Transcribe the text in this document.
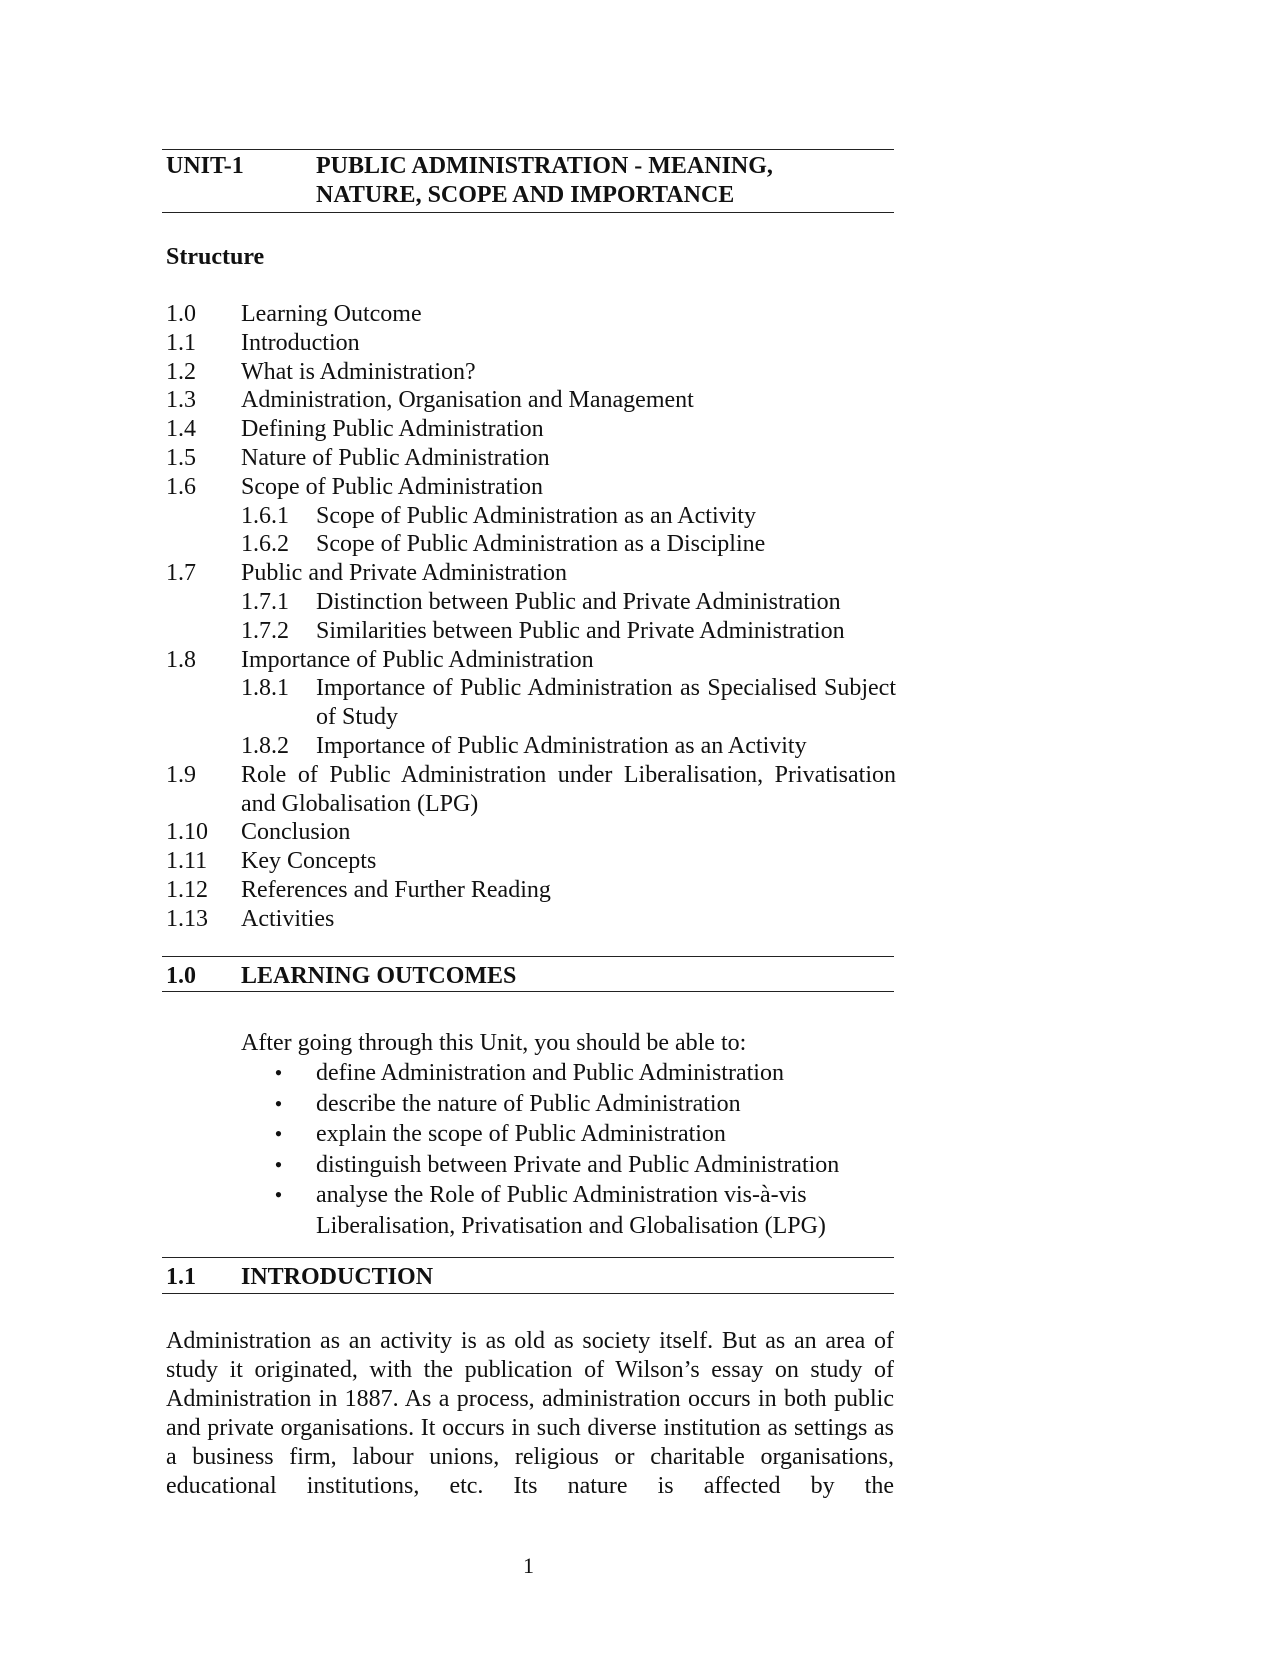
UNIT-1	PUBLIC ADMINISTRATION - MEANING,
NATURE, SCOPE AND IMPORTANCE
Structure
1.0	Learning Outcome
1.1	Introduction
1.2	What is Administration?
1.3	Administration, Organisation and Management
1.4	Defining Public Administration
1.5	Nature of Public Administration
1.6	Scope of Public Administration
1.6.1	Scope of Public Administration as an Activity
1.6.2	Scope of Public Administration as a Discipline
1.7	Public and Private Administration
1.7.1	Distinction between Public and Private Administration
1.7.2	Similarities between Public and Private Administration
1.8	Importance of Public Administration
1.8.1	Importance of Public Administration as Specialised Subject of Study
1.8.2	Importance of Public Administration as an Activity
1.9	Role of Public Administration under Liberalisation, Privatisation and Globalisation (LPG)
1.10	Conclusion
1.11	Key Concepts
1.12	References and Further Reading
1.13	Activities
1.0	LEARNING OUTCOMES
After going through this Unit, you should be able to:
•	define Administration and Public Administration
•	describe the nature of Public Administration
•	explain the scope of Public Administration
•	distinguish between Private and Public Administration
•	analyse the Role of Public Administration vis-à-vis Liberalisation, Privatisation and Globalisation (LPG)
1.1	INTRODUCTION

Administration as an activity is as old as society itself. But as an area of study it originated, with the publication of Wilson’s essay on study of Administration in 1887. As a process, administration occurs in both public and private organisations. It occurs in such diverse institution as settings as a business firm, labour unions, religious or charitable organisations, educational institutions, etc. Its nature is affected by the

1
